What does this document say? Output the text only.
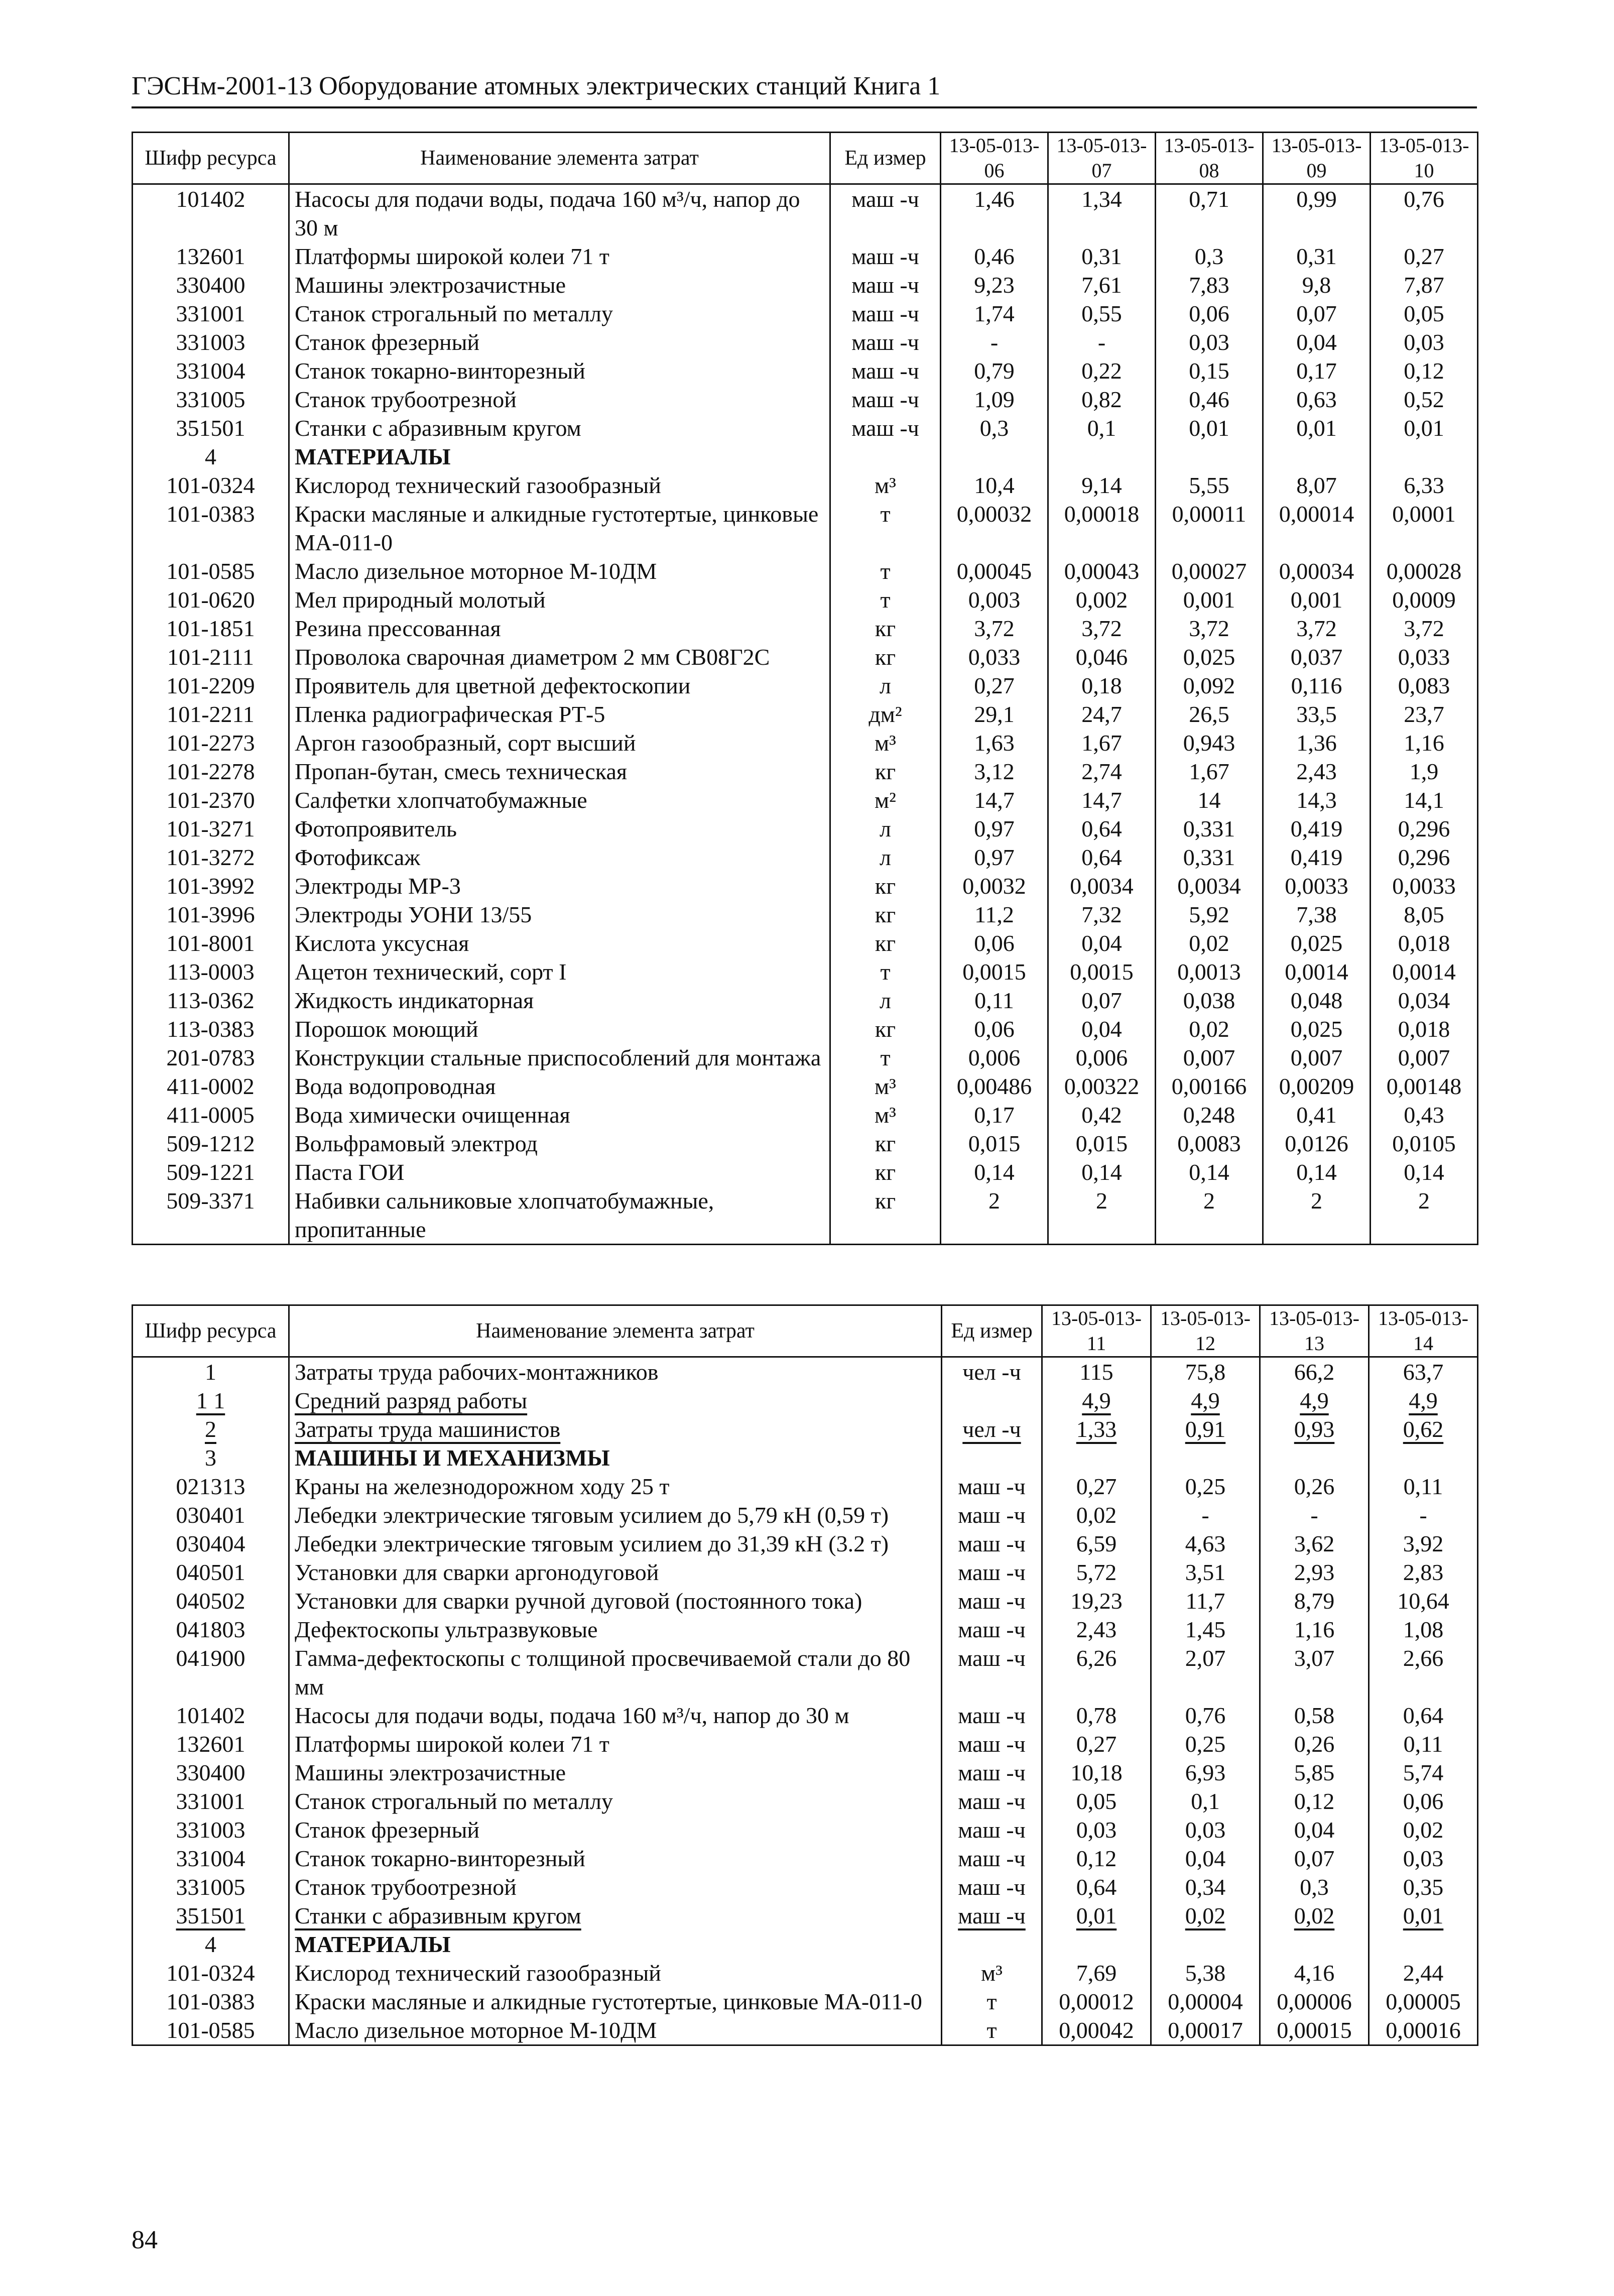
ГЭСНм-2001-13 Оборудование атомных электрических станций Книга 1
Шифр ресурса	Наименование элемента затрат	Ед измер	13-05-013-06	13-05-013-07	13-05-013-08	13-05-013-09	13-05-013-10
101402	Насосы для подачи воды, подача 160 м³/ч, напор до 30 м	маш -ч	1,46	1,34	0,71	0,99	0,76
132601	Платформы широкой колеи 71 т	маш -ч	0,46	0,31	0,3	0,31	0,27
330400	Машины электрозачистные	маш -ч	9,23	7,61	7,83	9,8	7,87
331001	Станок строгальный по металлу	маш -ч	1,74	0,55	0,06	0,07	0,05
331003	Станок фрезерный	маш -ч	-	-	0,03	0,04	0,03
331004	Станок токарно-винторезный	маш -ч	0,79	0,22	0,15	0,17	0,12
331005	Станок трубоотрезной	маш -ч	1,09	0,82	0,46	0,63	0,52
351501	Станки с абразивным кругом	маш -ч	0,3	0,1	0,01	0,01	0,01
4	МАТЕРИАЛЫ						
101-0324	Кислород технический газообразный	м³	10,4	9,14	5,55	8,07	6,33
101-0383	Краски масляные и алкидные густотертые, цинковые МА-011-0	т	0,00032	0,00018	0,00011	0,00014	0,0001
101-0585	Масло дизельное моторное М-10ДМ	т	0,00045	0,00043	0,00027	0,00034	0,00028
101-0620	Мел природный молотый	т	0,003	0,002	0,001	0,001	0,0009
101-1851	Резина прессованная	кг	3,72	3,72	3,72	3,72	3,72
101-2111	Проволока сварочная диаметром 2 мм СВ08Г2С	кг	0,033	0,046	0,025	0,037	0,033
101-2209	Проявитель для цветной дефектоскопии	л	0,27	0,18	0,092	0,116	0,083
101-2211	Пленка радиографическая РТ-5	дм²	29,1	24,7	26,5	33,5	23,7
101-2273	Аргон газообразный, сорт высший	м³	1,63	1,67	0,943	1,36	1,16
101-2278	Пропан-бутан, смесь техническая	кг	3,12	2,74	1,67	2,43	1,9
101-2370	Салфетки хлопчатобумажные	м²	14,7	14,7	14	14,3	14,1
101-3271	Фотопроявитель	л	0,97	0,64	0,331	0,419	0,296
101-3272	Фотофиксаж	л	0,97	0,64	0,331	0,419	0,296
101-3992	Электроды МР-3	кг	0,0032	0,0034	0,0034	0,0033	0,0033
101-3996	Электроды УОНИ 13/55	кг	11,2	7,32	5,92	7,38	8,05
101-8001	Кислота уксусная	кг	0,06	0,04	0,02	0,025	0,018
113-0003	Ацетон технический, сорт I	т	0,0015	0,0015	0,0013	0,0014	0,0014
113-0362	Жидкость индикаторная	л	0,11	0,07	0,038	0,048	0,034
113-0383	Порошок моющий	кг	0,06	0,04	0,02	0,025	0,018
201-0783	Конструкции стальные приспособлений для монтажа	т	0,006	0,006	0,007	0,007	0,007
411-0002	Вода водопроводная	м³	0,00486	0,00322	0,00166	0,00209	0,00148
411-0005	Вода химически очищенная	м³	0,17	0,42	0,248	0,41	0,43
509-1212	Вольфрамовый электрод	кг	0,015	0,015	0,0083	0,0126	0,0105
509-1221	Паста ГОИ	кг	0,14	0,14	0,14	0,14	0,14
509-3371	Набивки сальниковые хлопчатобумажные, пропитанные	кг	2	2	2	2	2
Шифр ресурса	Наименование элемента затрат	Ед измер	13-05-013-11	13-05-013-12	13-05-013-13	13-05-013-14
1	Затраты труда рабочих-монтажников	чел -ч	115	75,8	66,2	63,7
1 1	Средний разряд работы		4,9	4,9	4,9	4,9
2	Затраты труда машинистов	чел -ч	1,33	0,91	0,93	0,62
3	МАШИНЫ И МЕХАНИЗМЫ					
021313	Краны на железнодорожном ходу 25 т	маш -ч	0,27	0,25	0,26	0,11
030401	Лебедки электрические тяговым усилием до 5,79 кН (0,59 т)	маш -ч	0,02	-	-	-
030404	Лебедки электрические тяговым усилием до 31,39 кН (3.2 т)	маш -ч	6,59	4,63	3,62	3,92
040501	Установки для сварки аргонодуговой	маш -ч	5,72	3,51	2,93	2,83
040502	Установки для сварки ручной дуговой (постоянного тока)	маш -ч	19,23	11,7	8,79	10,64
041803	Дефектоскопы ультразвуковые	маш -ч	2,43	1,45	1,16	1,08
041900	Гамма-дефектоскопы с толщиной просвечиваемой стали до 80 мм	маш -ч	6,26	2,07	3,07	2,66
101402	Насосы для подачи воды, подача 160 м³/ч, напор до 30 м	маш -ч	0,78	0,76	0,58	0,64
132601	Платформы широкой колеи 71 т	маш -ч	0,27	0,25	0,26	0,11
330400	Машины электрозачистные	маш -ч	10,18	6,93	5,85	5,74
331001	Станок строгальный по металлу	маш -ч	0,05	0,1	0,12	0,06
331003	Станок фрезерный	маш -ч	0,03	0,03	0,04	0,02
331004	Станок токарно-винторезный	маш -ч	0,12	0,04	0,07	0,03
331005	Станок трубоотрезной	маш -ч	0,64	0,34	0,3	0,35
351501	Станки с абразивным кругом	маш -ч	0,01	0,02	0,02	0,01
4	МАТЕРИАЛЫ					
101-0324	Кислород технический газообразный	м³	7,69	5,38	4,16	2,44
101-0383	Краски масляные и алкидные густотертые, цинковые МА-011-0	т	0,00012	0,00004	0,00006	0,00005
101-0585	Масло дизельное моторное М-10ДМ	т	0,00042	0,00017	0,00015	0,00016
84
